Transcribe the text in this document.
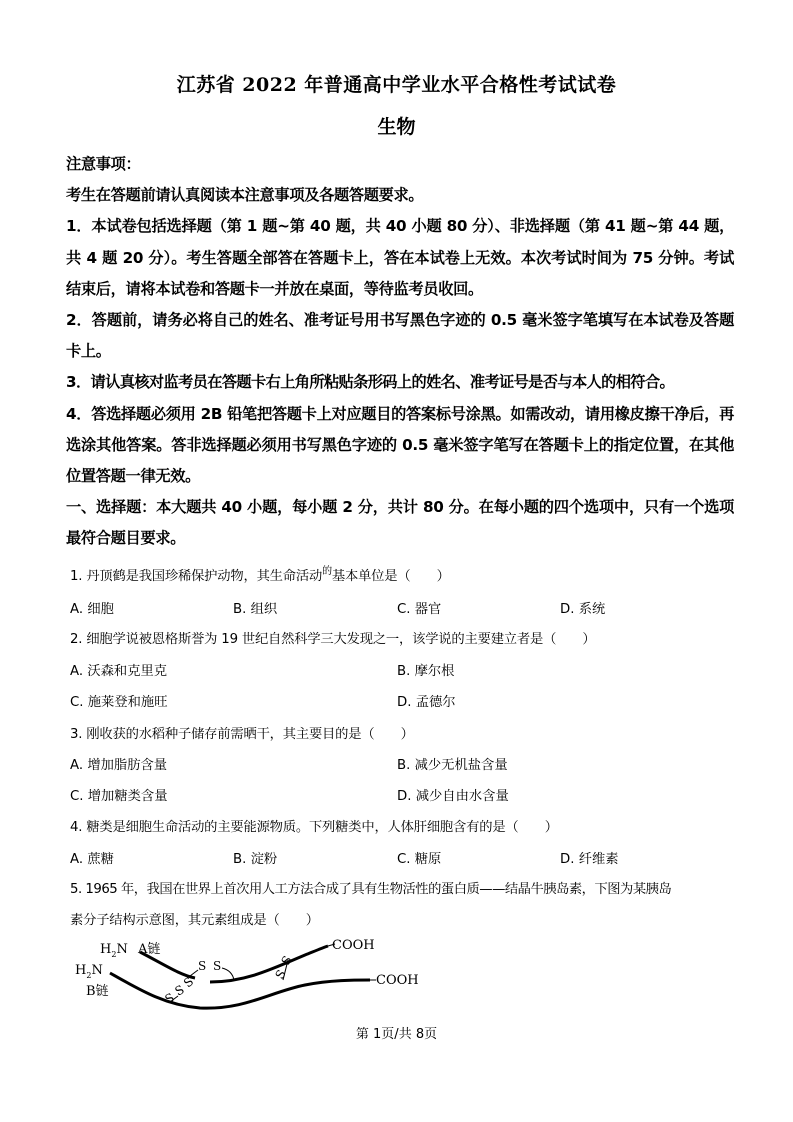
江苏省 2022 年普通高中学业水平合格性考试试卷
生物

注意事项：

考生在答题前请认真阅读本注意事项及各题答题要求。

1．本试卷包括选择题（第 1 题~第 40 题，共 40 小题 80 分）、非选择题（第 41 题~第 44 题，共 4 题 20 分）。考生答题全部答在答题卡上，答在本试卷上无效。本次考试时间为 75 分钟。考试结束后，请将本试卷和答题卡一并放在桌面，等待监考员收回。

2．答题前，请务必将自己的姓名、准考证号用书写黑色字迹的 0.5 毫米签字笔填写在本试卷及答题卡上。

3．请认真核对监考员在答题卡右上角所粘贴条形码上的姓名、准考证号是否与本人的相符合。

4．答选择题必须用 2B 铅笔把答题卡上对应题目的答案标号涂黑。如需改动，请用橡皮擦干净后，再选涂其他答案。答非选择题必须用书写黑色字迹的 0.5 毫米签字笔写在答题卡上的指定位置，在其他位置答题一律无效。

一、选择题：本大题共 40 小题，每小题 2 分，共计 80 分。在每小题的四个选项中，只有一个选项最符合题目要求。

1. 丹顶鹤是我国珍稀保护动物，其生命活动$^的$基本单位是（　　）
A. 细胞	B. 组织	C. 器官	D. 系统
2. 细胞学说被恩格斯誉为 19 世纪自然科学三大发现之一，该学说的主要建立者是（　　）
A. 沃森和克里克	B. 摩尔根
C. 施莱登和施旺	D. 孟德尔
3. 刚收获的水稻种子储存前需晒干，其主要目的是（　　）
A. 增加脂肪含量	B. 减少无机盐含量
C. 增加糖类含量	D. 减少自由水含量
4. 糖类是细胞生命活动的主要能源物质。下列糖类中，人体肝细胞含有的是（　　）
A. 蔗糖	B. 淀粉	C. 糖原	D. 纤维素
5. 1965 年，我国在世界上首次用人工方法合成了具有生物活性的蛋白质——结晶牛胰岛素，下图为某胰岛
素分子结构示意图，其元素组成是（　　）
$H_2N$ A链
$H_2N$
B链
COOH
COOH
S S
S
S
S
S
S
第 1页/共 8页
